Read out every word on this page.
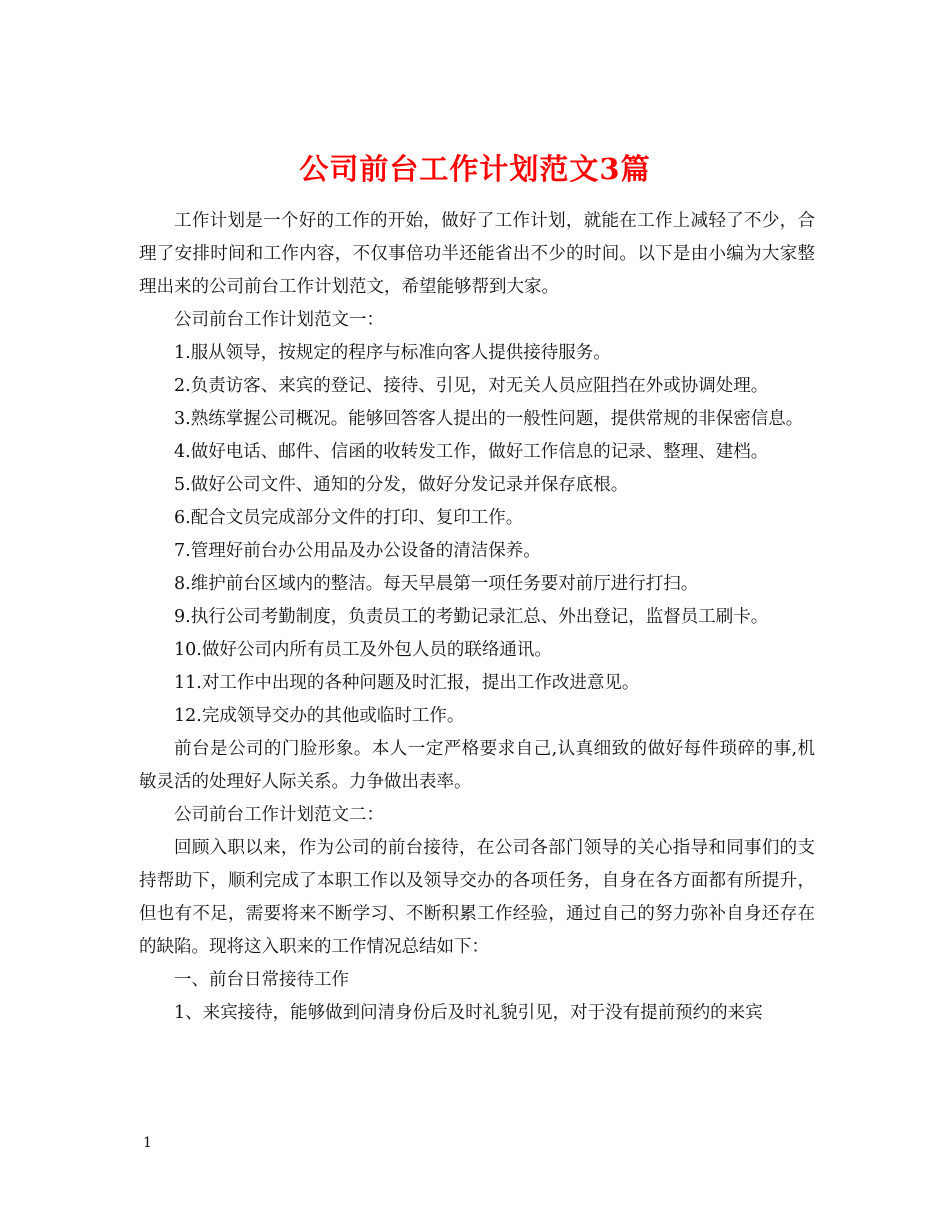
公司前台工作计划范文3篇

工作计划是一个好的工作的开始，做好了工作计划，就能在工作上减轻了不少，合理了安排时间和工作内容，不仅事倍功半还能省出不少的时间。以下是由小编为大家整理出来的公司前台工作计划范文，希望能够帮到大家。

公司前台工作计划范文一：

1.服从领导，按规定的程序与标准向客人提供接待服务。

2.负责访客、来宾的登记、接待、引见，对无关人员应阻挡在外或协调处理。

3.熟练掌握公司概况。能够回答客人提出的一般性问题，提供常规的非保密信息。

4.做好电话、邮件、信函的收转发工作，做好工作信息的记录、整理、建档。

5.做好公司文件、通知的分发，做好分发记录并保存底根。

6.配合文员完成部分文件的打印、复印工作。

7.管理好前台办公用品及办公设备的清洁保养。

8.维护前台区域内的整洁。每天早晨第一项任务要对前厅进行打扫。

9.执行公司考勤制度，负责员工的考勤记录汇总、外出登记，监督员工刷卡。

10.做好公司内所有员工及外包人员的联络通讯。

11.对工作中出现的各种问题及时汇报，提出工作改进意见。

12.完成领导交办的其他或临时工作。

前台是公司的门脸形象。本人一定严格要求自己,认真细致的做好每件琐碎的事,机敏灵活的处理好人际关系。力争做出表率。

公司前台工作计划范文二：

回顾入职以来，作为公司的前台接待，在公司各部门领导的关心指导和同事们的支持帮助下，顺利完成了本职工作以及领导交办的各项任务，自身在各方面都有所提升，但也有不足，需要将来不断学习、不断积累工作经验，通过自己的努力弥补自身还存在的缺陷。现将这入职来的工作情况总结如下：

一、前台日常接待工作

1、来宾接待，能够做到问清身份后及时礼貌引见，对于没有提前预约的来宾

1
